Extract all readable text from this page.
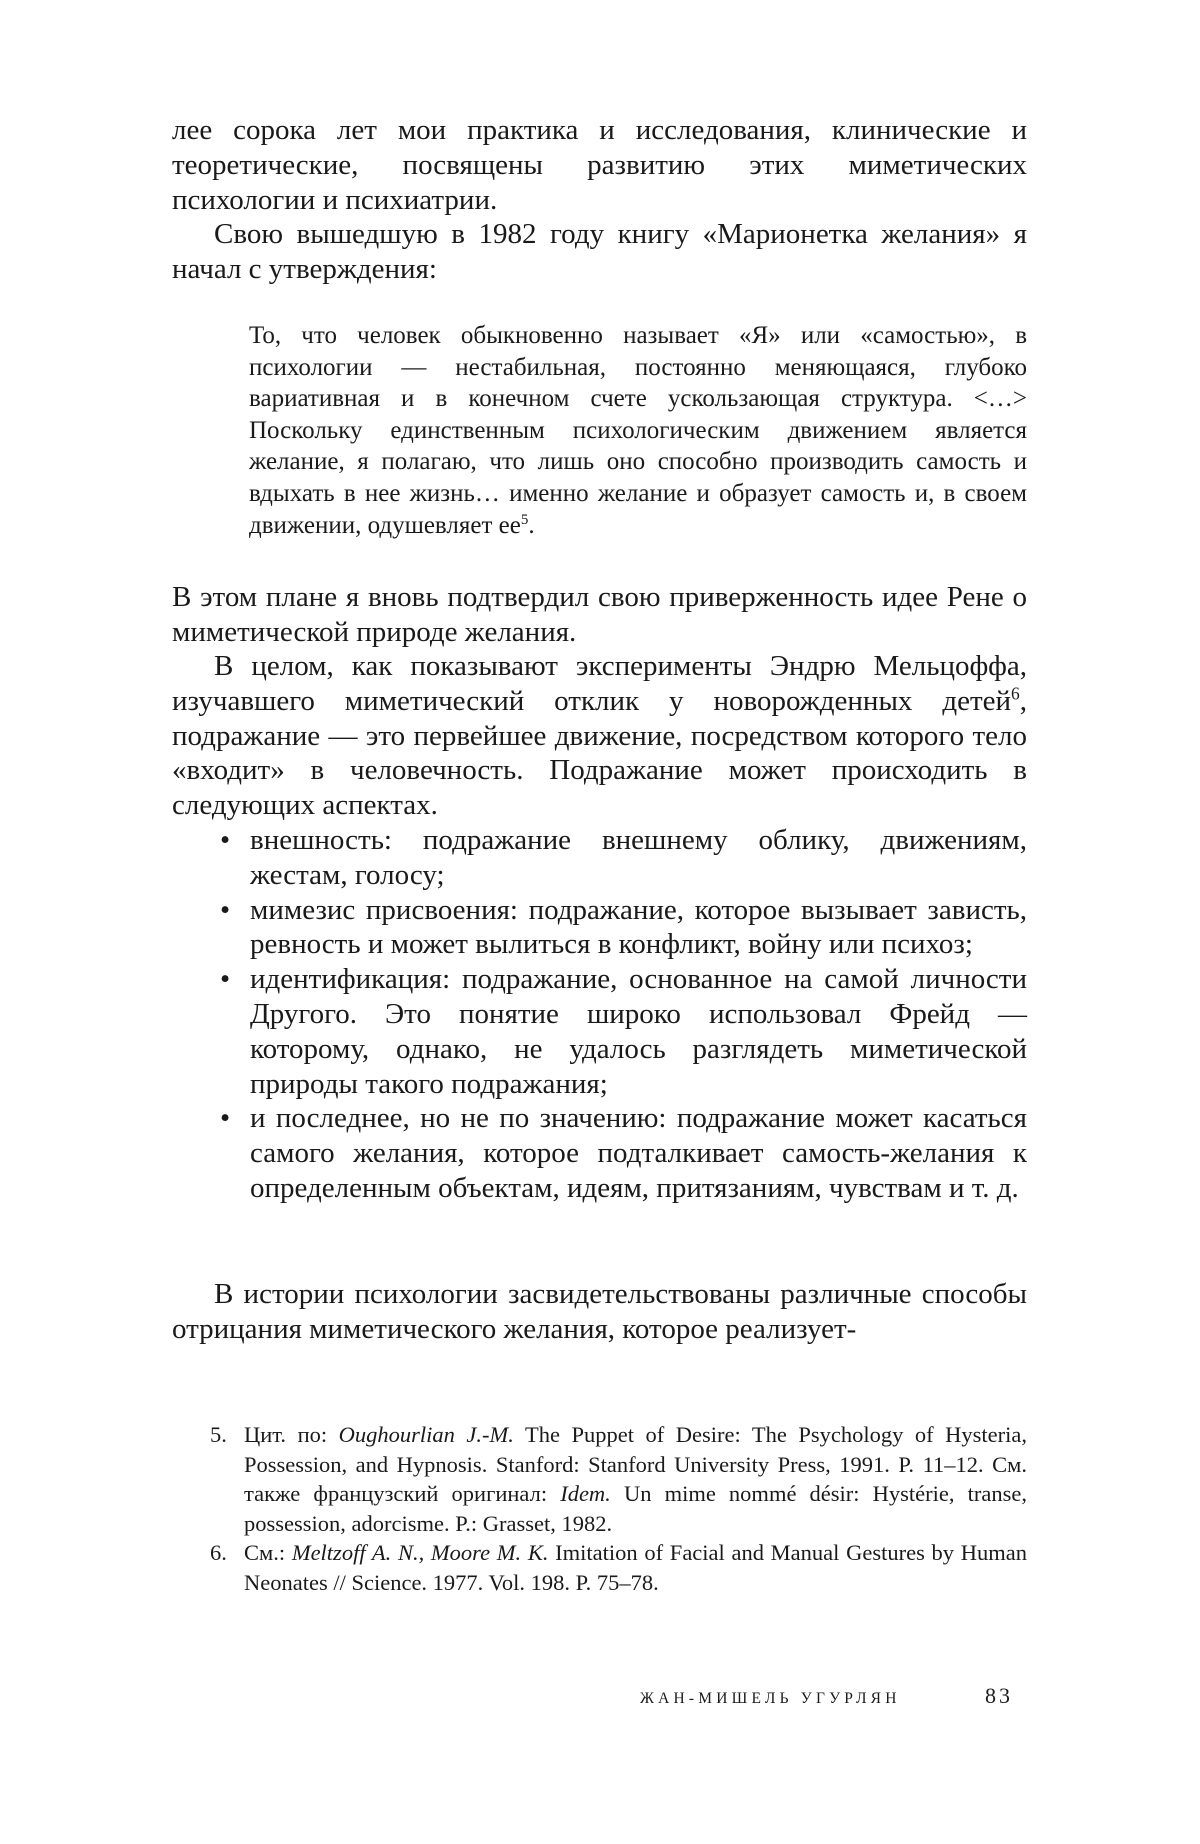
лее сорока лет мои практика и исследования, клинические и теоретические, посвящены развитию этих миметических психологии и психиатрии.

Свою вышедшую в 1982 году книгу «Марионетка желания» я начал с утверждения:

То, что человек обыкновенно называет «Я» или «самостью», в психологии — нестабильная, постоянно меняющаяся, глубоко вариативная и в конечном счете ускользающая структура. <…> Поскольку единственным психологическим движением является желание, я полагаю, что лишь оно способно производить самость и вдыхать в нее жизнь… именно желание и образует самость и, в своем движении, одушевляет $ее^5$.

В этом плане я вновь подтвердил свою приверженность идее Рене о миметической природе желания.

В целом, как показывают эксперименты Эндрю Мельцоффа, изучавшего миметический отклик у новорожденных детей$^6$, подражание — это первейшее движение, посредством которого тело «входит» в человечность. Подражание может происходить в следующих аспектах.

• внешность: подражание внешнему облику, движениям, жестам, голосу;
• мимезис присвоения: подражание, которое вызывает зависть, ревность и может вылиться в конфликт, войну или психоз;
• идентификация: подражание, основанное на самой личности Другого. Это понятие широко использовал Фрейд — которому, однако, не удалось разглядеть миметической природы такого подражания;
• и последнее, но не по значению: подражание может касаться самого желания, которое подталкивает самость-желания к определенным объектам, идеям, притязаниям, чувствам и т. д.

В истории психологии засвидетельствованы различные способы отрицания миметического желания, которое реализует-

5. Цит. по: Oughourlian J.-M. The Puppet of Desire: The Psychology of Hysteria, Possession, and Hypnosis. Stanford: Stanford University Press, 1991. P. 11–12. См. также французский оригинал: Idem. Un mime nommé désir: Hystérie, transe, possession, adorcisme. P.: Grasset, 1982.
6. См.: Meltzoff A. N., Moore M. K. Imitation of Facial and Manual Gestures by Human Neonates // Science. 1977. Vol. 198. P. 75–78.
ЖАН-МИШЕЛЬ УГУРЛЯН	83
